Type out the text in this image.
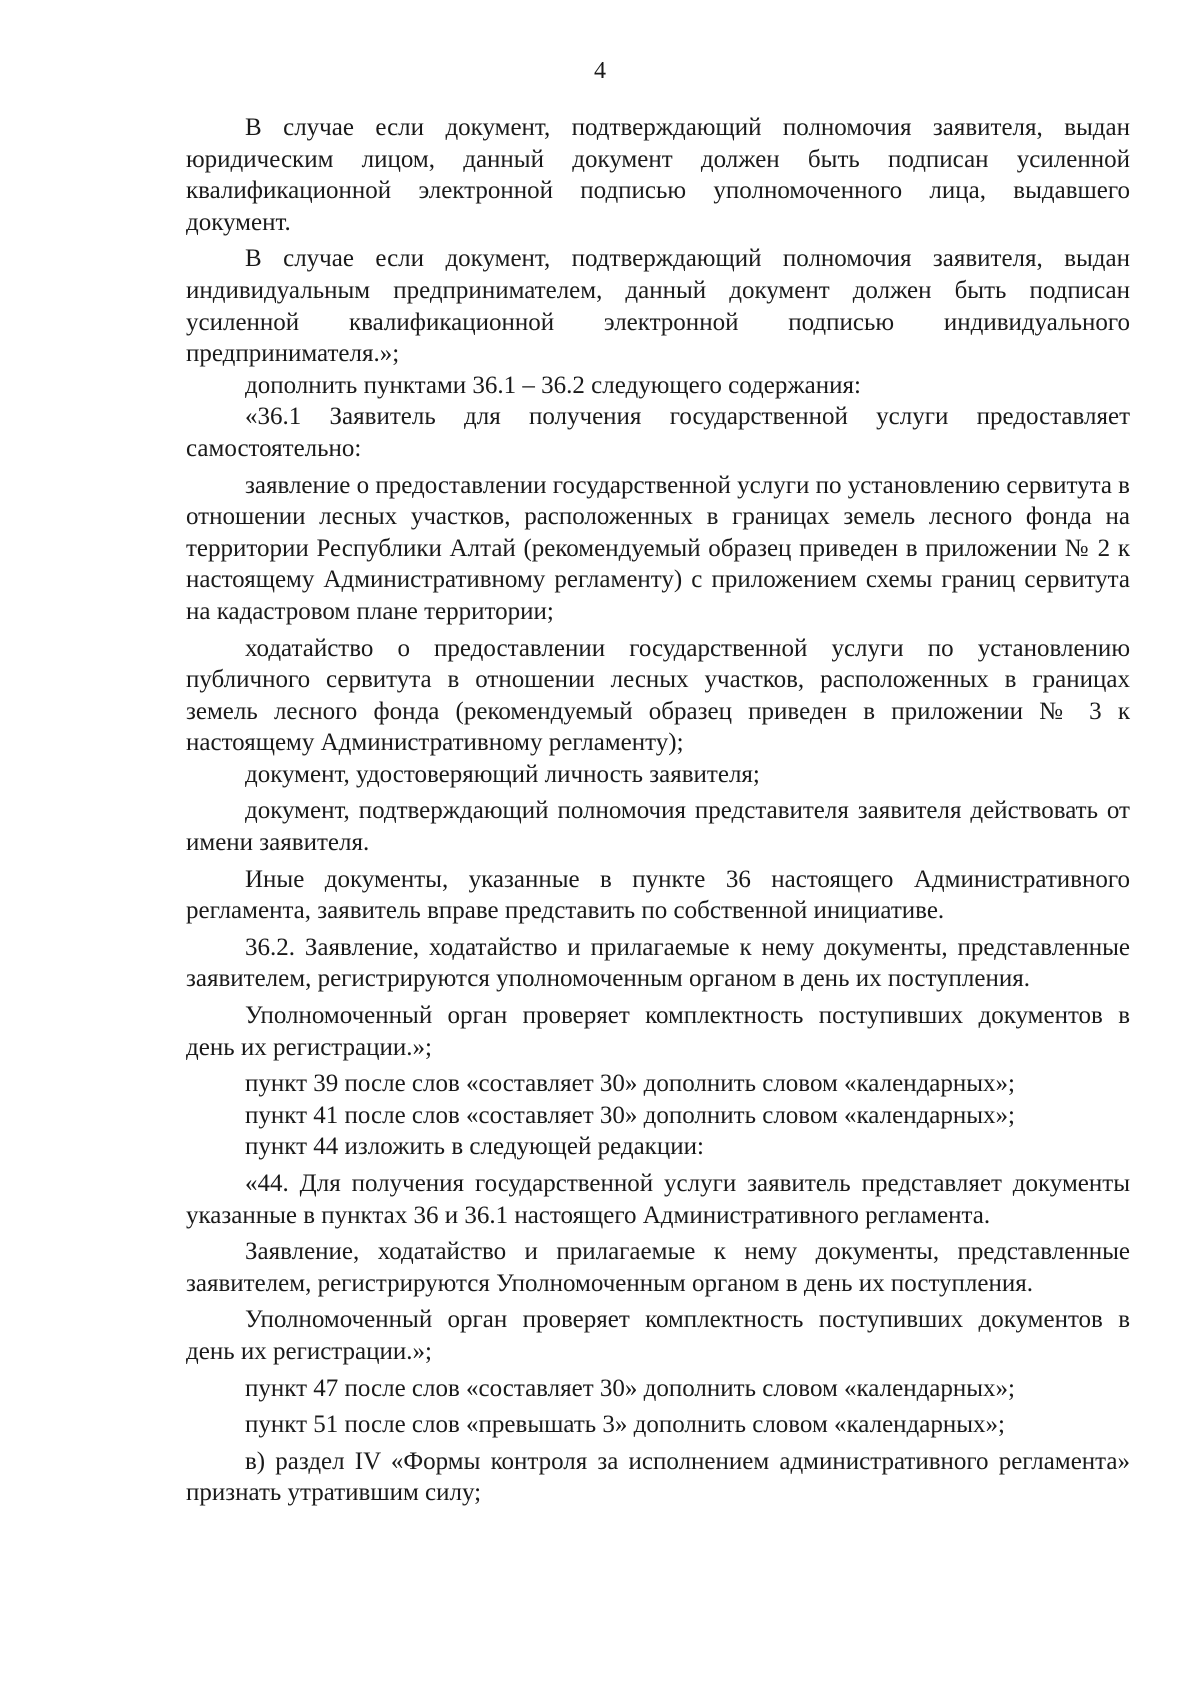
4

В случае если документ, подтверждающий полномочия заявителя, выдан юридическим лицом, данный документ должен быть подписан усиленной квалификационной электронной подписью уполномоченного лица, выдавшего документ.

В случае если документ, подтверждающий полномочия заявителя, выдан индивидуальным предпринимателем, данный документ должен быть подписан усиленной квалификационной электронной подписью индивидуального предпринимателя.»;

дополнить пунктами 36.1 – 36.2 следующего содержания:

«36.1 Заявитель для получения государственной услуги предоставляет самостоятельно:

заявление о предоставлении государственной услуги по установлению сервитута в отношении лесных участков, расположенных в границах земель лесного фонда на территории Республики Алтай (рекомендуемый образец приведен в приложении № 2 к настоящему Административному регламенту) с приложением схемы границ сервитута на кадастровом плане территории;

ходатайство о предоставлении государственной услуги по установлению публичного сервитута в отношении лесных участков, расположенных в границах земель лесного фонда (рекомендуемый образец приведен в приложении № 3 к настоящему Административному регламенту);

документ, удостоверяющий личность заявителя;

документ, подтверждающий полномочия представителя заявителя действовать от имени заявителя.

Иные документы, указанные в пункте 36 настоящего Административного регламента, заявитель вправе представить по собственной инициативе.

36.2. Заявление, ходатайство и прилагаемые к нему документы, представленные заявителем, регистрируются уполномоченным органом в день их поступления.

Уполномоченный орган проверяет комплектность поступивших документов в день их регистрации.»;

пункт 39 после слов «составляет 30» дополнить словом «календарных»;

пункт 41 после слов «составляет 30» дополнить словом «календарных»;

пункт 44 изложить в следующей редакции:

«44. Для получения государственной услуги заявитель представляет документы указанные в пунктах 36 и 36.1 настоящего Административного регламента.

Заявление, ходатайство и прилагаемые к нему документы, представленные заявителем, регистрируются Уполномоченным органом в день их поступления.

Уполномоченный орган проверяет комплектность поступивших документов в день их регистрации.»;

пункт 47 после слов «составляет 30» дополнить словом «календарных»;

пункт 51 после слов «превышать 3» дополнить словом «календарных»;

в) раздел IV «Формы контроля за исполнением административного регламента» признать утратившим силу;
